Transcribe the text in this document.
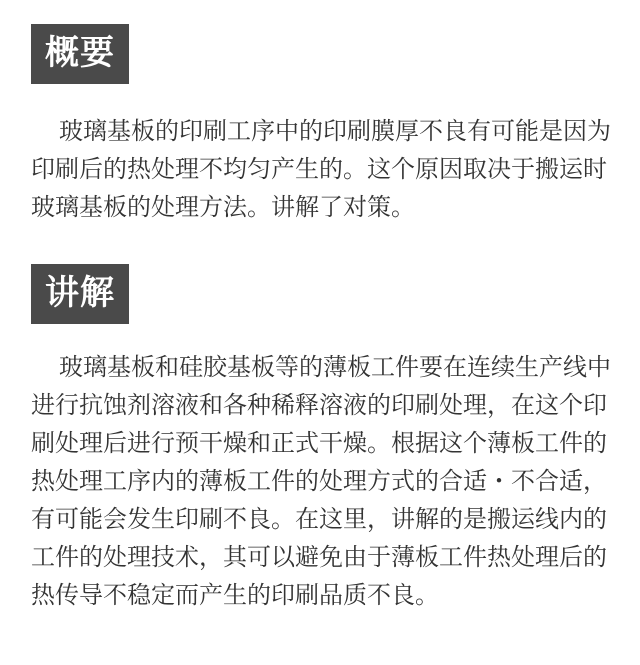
概要

玻璃基板的印刷工序中的印刷膜厚不良有可能是因为印刷后的热处理不均匀产生的。这个原因取决于搬运时玻璃基板的处理方法。讲解了对策。

讲解

玻璃基板和硅胶基板等的薄板工件要在连续生产线中进行抗蚀剂溶液和各种稀释溶液的印刷处理，在这个印刷处理后进行预干燥和正式干燥。根据这个薄板工件的热处理工序内的薄板工件的处理方式的合适・不合适，有可能会发生印刷不良。在这里，讲解的是搬运线内的工件的处理技术，其可以避免由于薄板工件热处理后的热传导不稳定而产生的印刷品质不良。
